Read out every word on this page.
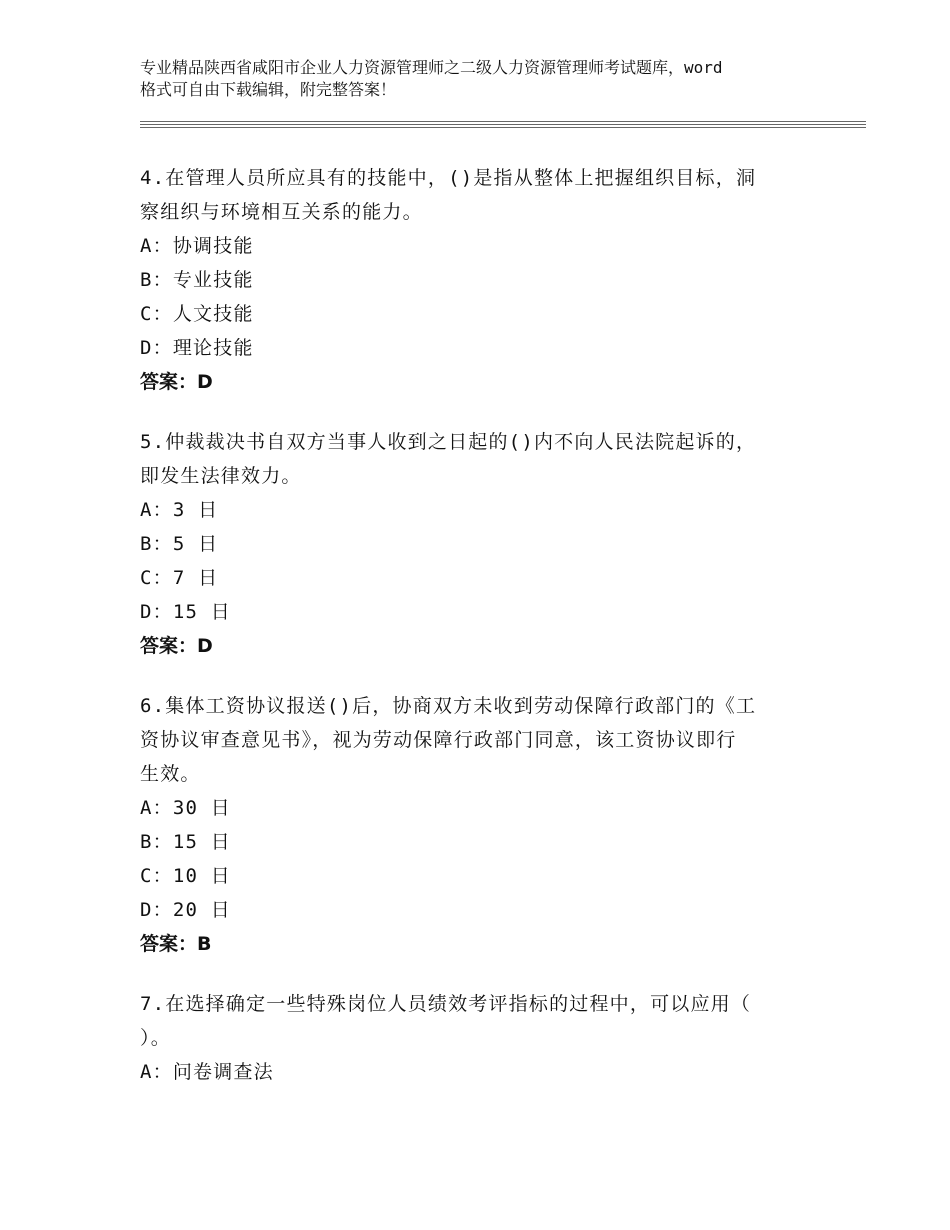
专业精品陕西省咸阳市企业人力资源管理师之二级人力资源管理师考试题库，word
格式可自由下载编辑，附完整答案！
4.在管理人员所应具有的技能中，()是指从整体上把握组织目标，洞
察组织与环境相互关系的能力。
A：协调技能
B：专业技能
C：人文技能
D：理论技能
答案：D
5.仲裁裁决书自双方当事人收到之日起的()内不向人民法院起诉的，
即发生法律效力。
A：3 日
B：5 日
C：7 日
D：15 日
答案：D
6.集体工资协议报送()后，协商双方未收到劳动保障行政部门的《工
资协议审查意见书》，视为劳动保障行政部门同意，该工资协议即行
生效。
A：30 日
B：15 日
C：10 日
D：20 日
答案：B
7.在选择确定一些特殊岗位人员绩效考评指标的过程中，可以应用（
）。
A：问卷调查法
